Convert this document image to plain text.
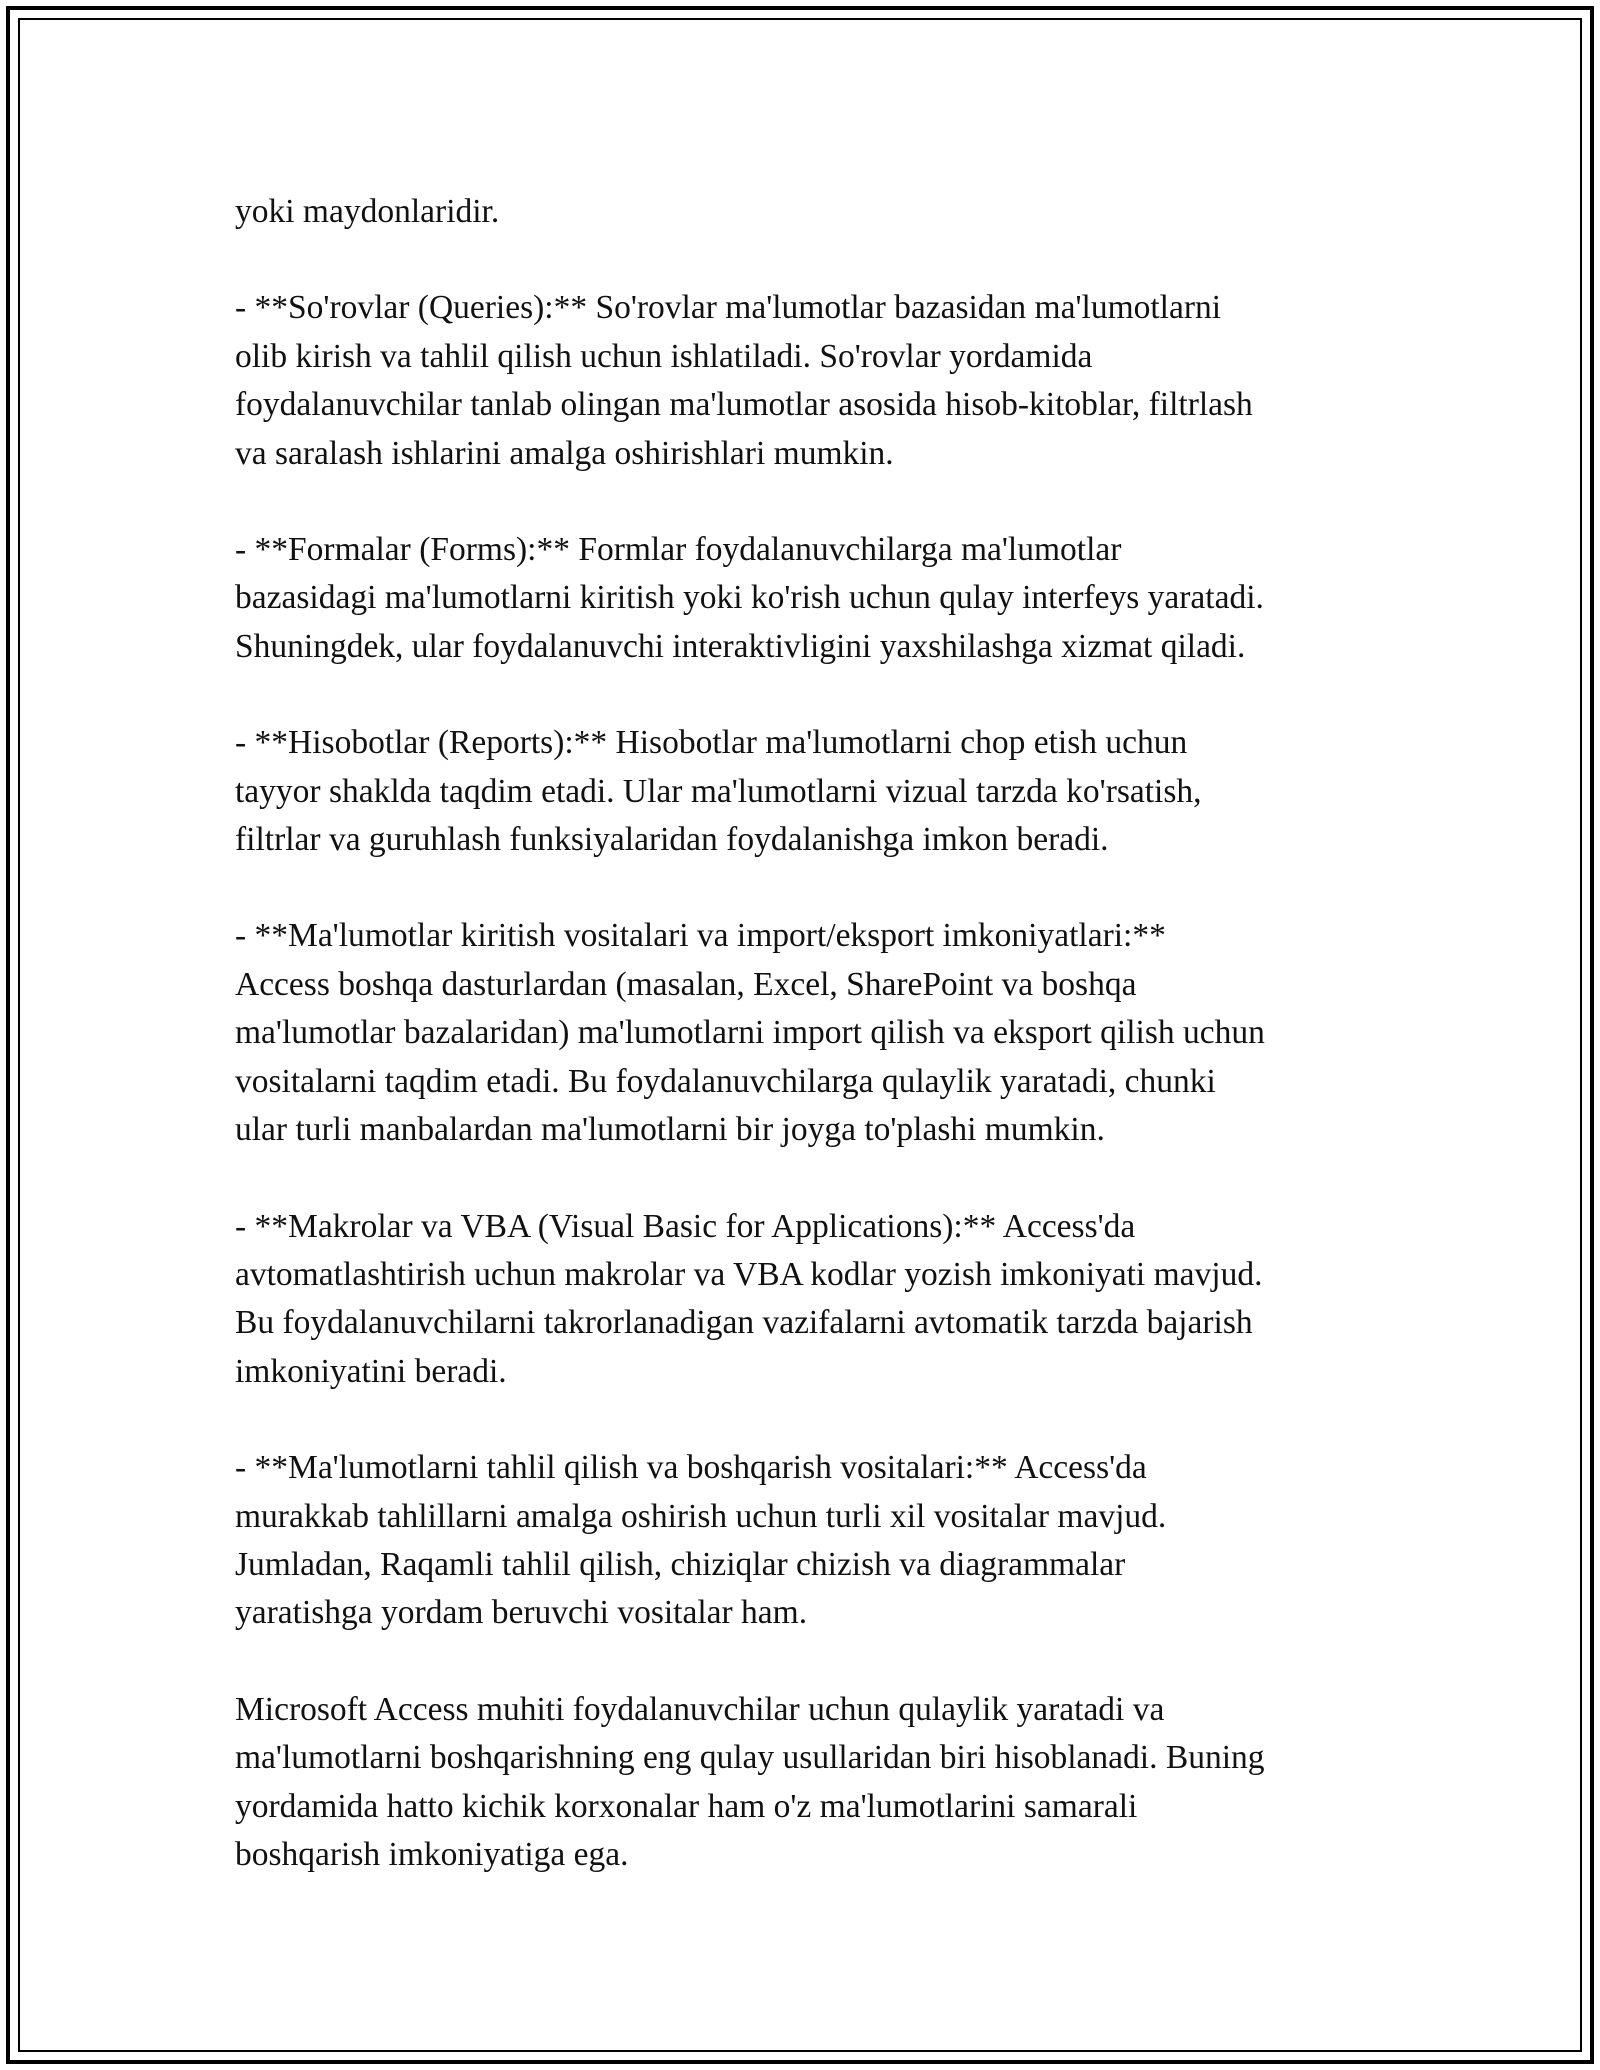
yoki maydonlaridir.

- **So'rovlar (Queries):** So'rovlar ma'lumotlar bazasidan ma'lumotlarni
olib kirish va tahlil qilish uchun ishlatiladi. So'rovlar yordamida
foydalanuvchilar tanlab olingan ma'lumotlar asosida hisob-kitoblar, filtrlash
va saralash ishlarini amalga oshirishlari mumkin.

- **Formalar (Forms):** Formlar foydalanuvchilarga ma'lumotlar
bazasidagi ma'lumotlarni kiritish yoki ko'rish uchun qulay interfeys yaratadi.
Shuningdek, ular foydalanuvchi interaktivligini yaxshilashga xizmat qiladi.

- **Hisobotlar (Reports):** Hisobotlar ma'lumotlarni chop etish uchun
tayyor shaklda taqdim etadi. Ular ma'lumotlarni vizual tarzda ko'rsatish,
filtrlar va guruhlash funksiyalaridan foydalanishga imkon beradi.

- **Ma'lumotlar kiritish vositalari va import/eksport imkoniyatlari:**
Access boshqa dasturlardan (masalan, Excel, SharePoint va boshqa
ma'lumotlar bazalaridan) ma'lumotlarni import qilish va eksport qilish uchun
vositalarni taqdim etadi. Bu foydalanuvchilarga qulaylik yaratadi, chunki
ular turli manbalardan ma'lumotlarni bir joyga to'plashi mumkin.

- **Makrolar va VBA (Visual Basic for Applications):** Access'da
avtomatlashtirish uchun makrolar va VBA kodlar yozish imkoniyati mavjud.
Bu foydalanuvchilarni takrorlanadigan vazifalarni avtomatik tarzda bajarish
imkoniyatini beradi.

- **Ma'lumotlarni tahlil qilish va boshqarish vositalari:** Access'da
murakkab tahlillarni amalga oshirish uchun turli xil vositalar mavjud.
Jumladan, Raqamli tahlil qilish, chiziqlar chizish va diagrammalar
yaratishga yordam beruvchi vositalar ham.

Microsoft Access muhiti foydalanuvchilar uchun qulaylik yaratadi va
ma'lumotlarni boshqarishning eng qulay usullaridan biri hisoblanadi. Buning
yordamida hatto kichik korxonalar ham o'z ma'lumotlarini samarali
boshqarish imkoniyatiga ega.
